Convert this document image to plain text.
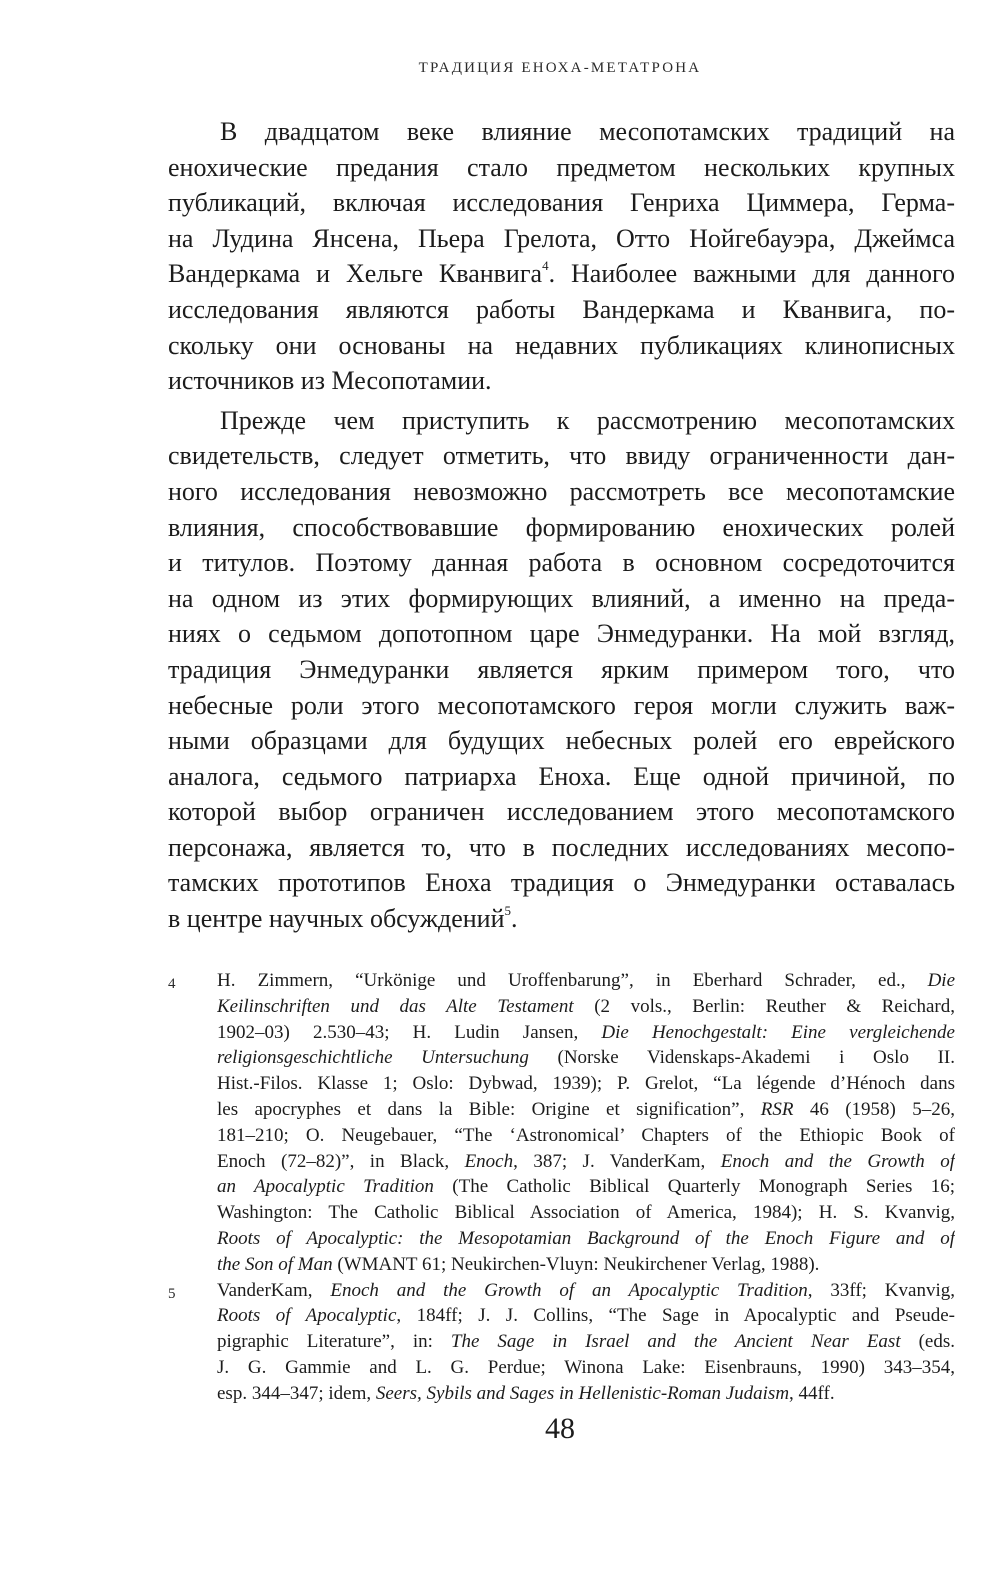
ТРАДИЦИЯ ЕНОХА-МЕТАТРОНА

В двадцатом веке влияние месопотамских традиций на

енохические предания стало предметом нескольких крупных

публикаций, включая исследования Генриха Циммера, Герма-

на Лудина Янсена, Пьера Грелота, Отто Нойгебауэра, Джеймса

Вандеркама и Хельге Кванвига$^4$. Наиболее важными для данного

исследования являются работы Вандеркама и Кванвига, по-

скольку они основаны на недавних публикациях клинописных

источников из Месопотамии.

Прежде чем приступить к рассмотрению месопотамских

свидетельств, следует отметить, что ввиду ограниченности дан-

ного исследования невозможно рассмотреть все месопотамские

влияния, способствовавшие формированию енохических ролей

и титулов. Поэтому данная работа в основном сосредоточится

на одном из этих формирующих влияний, а именно на преда-

ниях о седьмом допотопном царе Энмедуранки. На мой взгляд,

традиция Энмедуранки является ярким примером того, что

небесные роли этого месопотамского героя могли служить важ-

ными образцами для будущих небесных ролей его еврейского

аналога, седьмого патриарха Еноха. Еще одной причиной, по

которой выбор ограничен исследованием этого месопотамского

персонажа, является то, что в последних исследованиях месопо-

тамских прототипов Еноха традиция о Энмедуранки оставалась

в центре научных обсуждений$^5$.

4 H. Zimmern, “Urkönige und Uroffenbarung”, in Eberhard Schrader, ed., Die

Keilinschriften und das Alte Testament (2 vols., Berlin: Reuther & Reichard,

1902–03) 2.530–43; H. Ludin Jansen, Die Henochgestalt: Eine vergleichende

religionsgeschichtliche Untersuchung (Norske Videnskaps-Akademi i Oslo II.

Hist.-Filos. Klasse 1; Oslo: Dybwad, 1939); P. Grelot, “La légende d’Hénoch dans

les apocryphes et dans la Bible: Origine et signification”, RSR 46 (1958) 5–26,

181–210; O. Neugebauer, “The ‘Astronomical’ Chapters of the Ethiopic Book of

Enoch (72–82)”, in Black, Enoch, 387; J. VanderKam, Enoch and the Growth of

an Apocalyptic Tradition (The Catholic Biblical Quarterly Monograph Series 16;

Washington: The Catholic Biblical Association of America, 1984); H. S. Kvanvig,

Roots of Apocalyptic: the Mesopotamian Background of the Enoch Figure and of

the Son of Man (WMANT 61; Neukirchen-Vluyn: Neukirchener Verlag, 1988).

5 VanderKam, Enoch and the Growth of an Apocalyptic Tradition, 33ff; Kvanvig,

Roots of Apocalyptic, 184ff; J. J. Collins, “The Sage in Apocalyptic and Pseude-

pigraphic Literature”, in: The Sage in Israel and the Ancient Near East (eds.

J. G. Gammie and L. G. Perdue; Winona Lake: Eisenbrauns, 1990) 343–354,

esp. 344–347; idem, Seers, Sybils and Sages in Hellenistic-Roman Judaism, 44ff.

48
